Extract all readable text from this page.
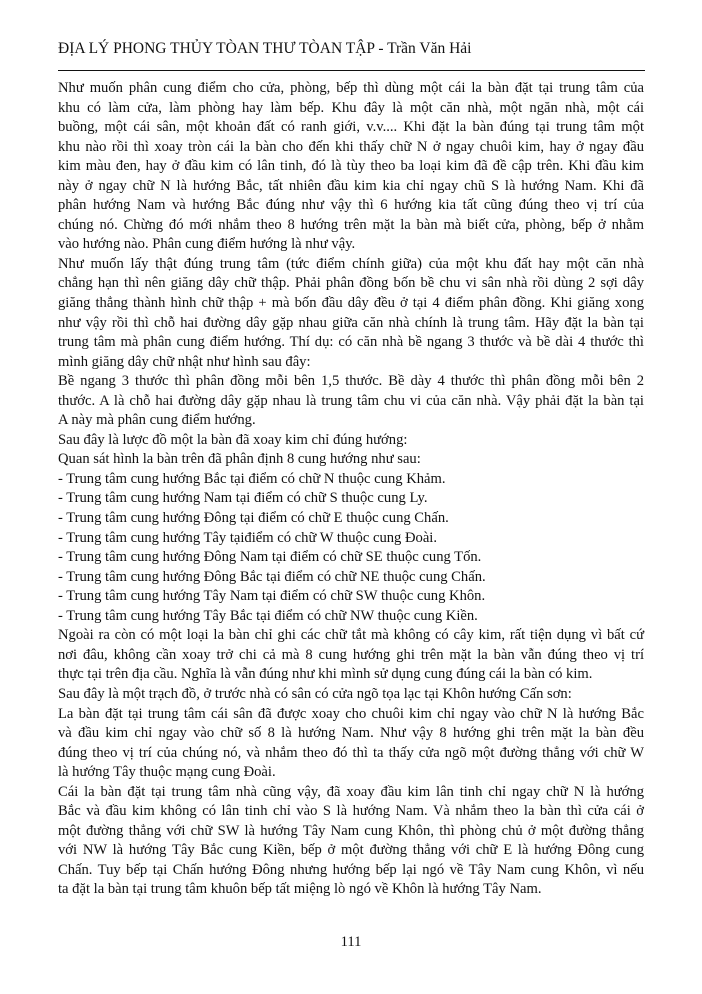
ĐỊA LÝ PHONG THỦY TÒAN THƯ TÒAN TẬP - Trần Văn Hải
Như muốn phân cung điểm cho cửa, phòng, bếp thì dùng một cái la bàn đặt tại trung tâm của
khu có làm cửa, làm phòng hay làm bếp. Khu đây là một căn nhà, một ngăn nhà, một cái
buồng, một cái sân, một khoản đất có ranh giới, v.v.... Khi đặt la bàn đúng tại trung tâm một
khu nào rồi thì xoay tròn cái la bàn cho đến khi thấy chữ N ở ngay chuôi kim, hay ở ngay đầu
kim màu đen, hay ở đầu kim có lân tinh, đó là tùy theo ba loại kim đã đề cập trên. Khi đầu kim
này ở ngay chữ N là hướng Bắc, tất nhiên đầu kim kia chỉ ngay chũ S là hướng Nam. Khi đã
phân hướng Nam và hướng Bắc đúng như vậy thì 6 hướng kia tất cũng đúng theo vị trí của
chúng nó. Chừng đó mới nhắm theo 8 hướng trên mặt la bàn mà biết cửa, phòng, bếp ở nhằm
vào hướng nào. Phân cung điểm hướng là như vậy.
Như muốn lấy thật đúng trung tâm (tức điểm chính giữa) của một khu đất hay một căn nhà
chẳng hạn thì nên giăng dây chữ thập. Phải phân đồng bốn bề chu vi sân nhà rồi dùng 2 sợi dây
giăng thẳng thành hình chữ thập + mà bốn đầu dây đều ở tại 4 điểm phân đồng. Khi giăng xong
như vậy rồi thì chỗ hai đường dây gặp nhau giữa căn nhà chính là trung tâm. Hãy đặt la bàn tại
trung tâm mà phân cung điểm hướng. Thí dụ: có căn nhà bề ngang 3 thước và bề dài 4 thước thì
mình giăng dây chữ nhật như hình sau đây:
Bề ngang 3 thước thì phân đồng mỗi bên 1,5 thước. Bề dày 4 thước thì phân đồng mỗi bên 2
thước. A là chỗ hai đường dây gặp nhau là trung tâm chu vi của căn nhà. Vậy phải đặt la bàn tại
A này mà phân cung điểm hướng.
Sau đây là lược đồ một la bàn đã xoay kim chỉ đúng hướng:
Quan sát hình la bàn trên đã phân định 8 cung hướng như sau:
- Trung tâm cung hướng Bắc tại điểm có chữ N thuộc cung Khảm.
- Trung tâm cung hướng Nam tại điểm có chữ S thuộc cung Ly.
- Trung tâm cung hướng Đông tại điểm có chữ E thuộc cung Chấn.
- Trung tâm cung hướng Tây tạiđiểm có chữ W thuộc cung Đoài.
- Trung tâm cung hướng Đông Nam tại điểm có chữ SE thuộc cung Tốn.
- Trung tâm cung hướng Đông Bắc tại điểm có chữ NE thuộc cung Chấn.
- Trung tâm cung hướng Tây Nam tại điểm có chữ SW thuộc cung Khôn.
- Trung tâm cung hướng Tây Bắc tại điểm có chữ NW thuộc cung Kiền.
Ngoài ra còn có một loại la bàn chỉ ghi các chữ tắt mà không có cây kim, rất tiện dụng vì bất cứ
nơi đâu, không cần xoay trở chi cả mà 8 cung hướng ghi trên mặt la bàn vẫn đúng theo vị trí
thực tại trên địa cầu. Nghĩa là vẫn đúng như khi mình sử dụng cung đúng cái la bàn có kim.
Sau đây là một trạch đồ, ở trước nhà có sân có cửa ngõ tọa lạc tại Khôn hướng Cấn sơn:
La bàn đặt tại trung tâm cái sân đã được xoay cho chuôi kim chỉ ngay vào chữ N là hướng Bắc
và đầu kim chỉ ngay vào chữ số 8 là hướng Nam. Như vậy 8 hướng ghi trên mặt la bàn đều
đúng theo vị trí của chúng nó, và nhắm theo đó thì ta thấy cửa ngõ một đường thẳng với chữ W
là hướng Tây thuộc mạng cung Đoài.
Cái la bàn đặt tại trung tâm nhà cũng vậy, đã xoay đầu kim lân tinh chỉ ngay chữ N là hướng
Bắc và đầu kim không có lân tinh chỉ vào S là hướng Nam. Và nhắm theo la bàn thì cửa cái ở
một đường thẳng với chữ SW là hướng Tây Nam cung Khôn, thì phòng chủ ở một đường thẳng
với NW là hướng Tây Bắc cung Kiền, bếp ở một đường thẳng với chữ E là hướng Đông cung
Chấn. Tuy bếp tại Chấn hướng Đông nhưng hướng bếp lại ngó về Tây Nam cung Khôn, vì nếu
ta đặt la bàn tại trung tâm khuôn bếp tất miệng lò ngó về Khôn là hướng Tây Nam.
111
